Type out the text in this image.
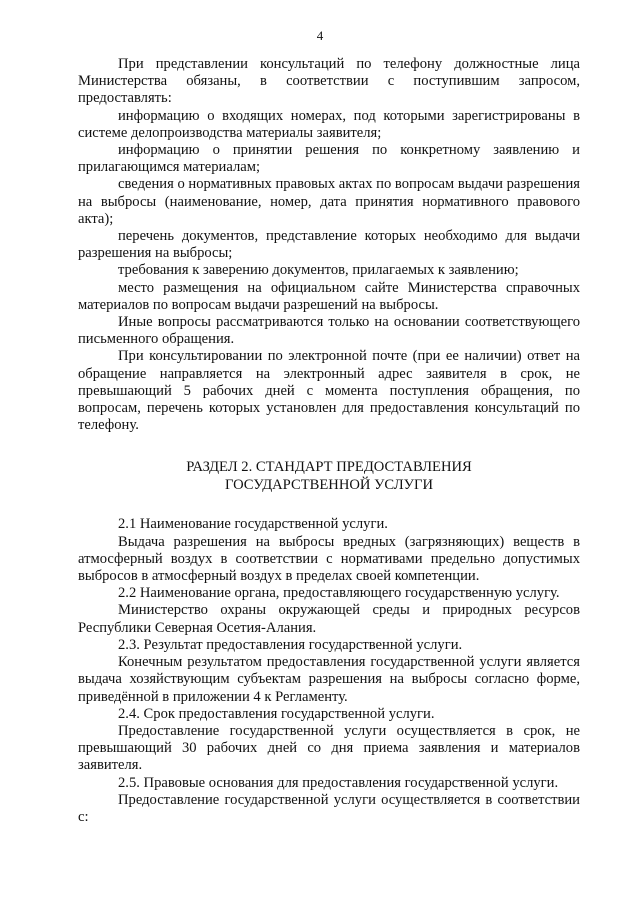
4

При представлении консультаций по телефону должностные лица Министерства обязаны, в соответствии с поступившим запросом, предоставлять:

информацию о входящих номерах, под которыми зарегистрированы в системе делопроизводства материалы заявителя;

информацию о принятии решения по конкретному заявлению и прилагающимся материалам;

сведения о нормативных правовых актах по вопросам выдачи разрешения на выбросы (наименование, номер, дата принятия нормативного правового акта);

перечень документов, представление которых необходимо для выдачи разрешения на выбросы;

требования к заверению документов, прилагаемых к заявлению;

место размещения на официальном сайте Министерства справочных материалов по вопросам выдачи разрешений на выбросы.

Иные вопросы рассматриваются только на основании соответствующего письменного обращения.

При консультировании по электронной почте (при ее наличии) ответ на обращение направляется на электронный адрес заявителя в срок, не превышающий 5 рабочих дней с момента поступления обращения, по вопросам, перечень которых установлен для предоставления консультаций по телефону.

РАЗДЕЛ 2. СТАНДАРТ ПРЕДОСТАВЛЕНИЯ
ГОСУДАРСТВЕННОЙ УСЛУГИ

2.1 Наименование государственной услуги.

Выдача разрешения на выбросы вредных (загрязняющих) веществ в атмосферный воздух в соответствии с нормативами предельно допустимых выбросов в атмосферный воздух в пределах своей компетенции.

2.2 Наименование органа, предоставляющего государственную услугу.

Министерство охраны окружающей среды и природных ресурсов Республики Северная Осетия-Алания.

2.3. Результат предоставления государственной услуги.

Конечным результатом предоставления государственной услуги является выдача хозяйствующим субъектам разрешения на выбросы согласно форме, приведённой в приложении 4 к Регламенту.

2.4. Срок предоставления государственной услуги.

Предоставление государственной услуги осуществляется в срок, не превышающий 30 рабочих дней со дня приема заявления и материалов заявителя.

2.5. Правовые основания для предоставления государственной услуги.

Предоставление государственной услуги осуществляется в соответствии с:
